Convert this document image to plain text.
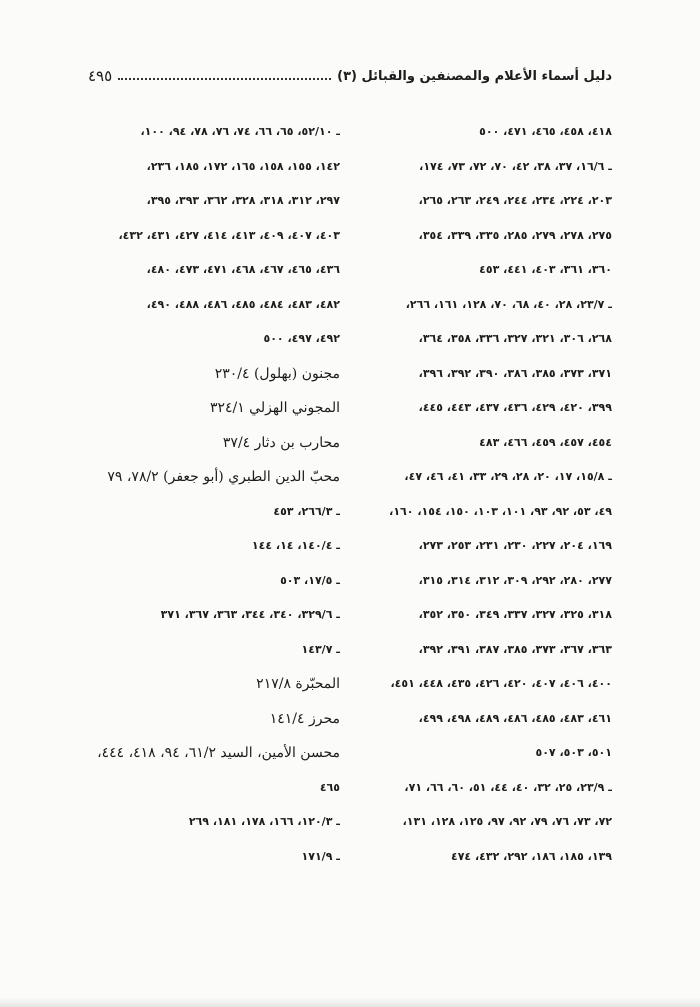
دليل أسماء الأعلام والمصنفين والقبائل (٣)
٤٩٥
٤١٨، ٤٥٨، ٤٦٥، ٤٧١، ٥٠٠
ـ ١٦/٦، ٣٧، ٣٨، ٤٢، ٧٠، ٧٢، ٧٣، ١٧٤،
٢٠٣، ٢٢٤، ٢٣٤، ٢٤٤، ٢٤٩، ٢٦٣، ٢٦٥،
٢٧٥، ٢٧٨، ٢٧٩، ٢٨٥، ٣٣٥، ٣٣٩، ٣٥٤،
٣٦٠، ٣٦١، ٤٠٣، ٤٤١، ٤٥٣
ـ ٢٣/٧، ٢٨، ٤٠، ٦٨، ٧٠، ١٢٨، ١٦١، ٢٦٦،
٢٦٨، ٣٠٦، ٣٢١، ٣٢٧، ٣٣٦، ٣٥٨، ٣٦٤،
٣٧١، ٣٧٣، ٣٨٥، ٣٨٦، ٣٩٠، ٣٩٢، ٣٩٦،
٣٩٩، ٤٢٠، ٤٢٩، ٤٣٦، ٤٣٧، ٤٤٣، ٤٤٥،
٤٥٤، ٤٥٧، ٤٥٩، ٤٦٦، ٤٨٣
ـ ١٥/٨، ١٧، ٢٠، ٢٨، ٢٩، ٣٣، ٤١، ٤٦، ٤٧،
٤٩، ٥٣، ٩٢، ٩٣، ١٠١، ١٠٣، ١٥٠، ١٥٤، ١٦٠،
١٦٩، ٢٠٤، ٢٢٧، ٢٣٠، ٢٣١، ٢٥٣، ٢٧٣،
٢٧٧، ٢٨٠، ٢٩٢، ٣٠٩، ٣١٢، ٣١٤، ٣١٥،
٣١٨، ٣٢٥، ٣٢٧، ٣٣٧، ٣٤٩، ٣٥٠، ٣٥٢،
٣٦٣، ٣٦٧، ٣٧٣، ٣٨٥، ٣٨٧، ٣٩١، ٣٩٢،
٤٠٠، ٤٠٦، ٤٠٧، ٤٢٠، ٤٢٦، ٤٣٥، ٤٤٨، ٤٥١،
٤٦١، ٤٨٣، ٤٨٥، ٤٨٦، ٤٨٩، ٤٩٨، ٤٩٩،
٥٠١، ٥٠٣، ٥٠٧
ـ ٢٣/٩، ٢٥، ٣٢، ٤٠، ٤٤، ٥١، ٦٠، ٦٦، ٧١،
٧٢، ٧٣، ٧٦، ٧٩، ٩٢، ٩٧، ١٢٥، ١٢٨، ١٣١،
١٣٩، ١٨٥، ١٨٦، ٢٩٢، ٤٣٢، ٤٧٤
ـ ٥٢/١٠، ٦٥، ٦٦، ٧٤، ٧٦، ٧٨، ٩٤، ١٠٠،
١٤٢، ١٥٥، ١٥٨، ١٦٥، ١٧٢، ١٨٥، ٢٣٦،
٢٩٧، ٣١٢، ٣١٨، ٣٢٨، ٣٦٢، ٣٩٣، ٣٩٥،
٤٠٣، ٤٠٧، ٤٠٩، ٤١٣، ٤١٤، ٤٢٧، ٤٣١، ٤٣٢،
٤٣٦، ٤٦٥، ٤٦٧، ٤٦٨، ٤٧١، ٤٧٣، ٤٨٠،
٤٨٢، ٤٨٣، ٤٨٤، ٤٨٥، ٤٨٦، ٤٨٨، ٤٩٠،
٤٩٢، ٤٩٧، ٥٠٠
مجنون (بهلول) ٢٣٠/٤
المجوني الهزلي ٣٢٤/١
محارب بن دثار ٣٧/٤
محبّ الدين الطبري (أبو جعفر) ٧٨/٢، ٧٩
ـ ٢٦٦/٣، ٤٥٣
ـ ١٤٠/٤، ١٤، ١٤٤
ـ ١٧/٥، ٥٠٣
ـ ٣٢٩/٦، ٣٤٠، ٣٤٤، ٣٦٣، ٣٦٧، ٣٧١
ـ ١٤٣/٧
المحبّرة ٢١٧/٨
محرز ١٤١/٤
محسن الأمين، السيد ٦١/٢، ٩٤، ٤١٨، ٤٤٤،
٤٦٥
ـ ١٢٠/٣، ١٦٦، ١٧٨، ١٨١، ٢٦٩
ـ ١٧١/٩
